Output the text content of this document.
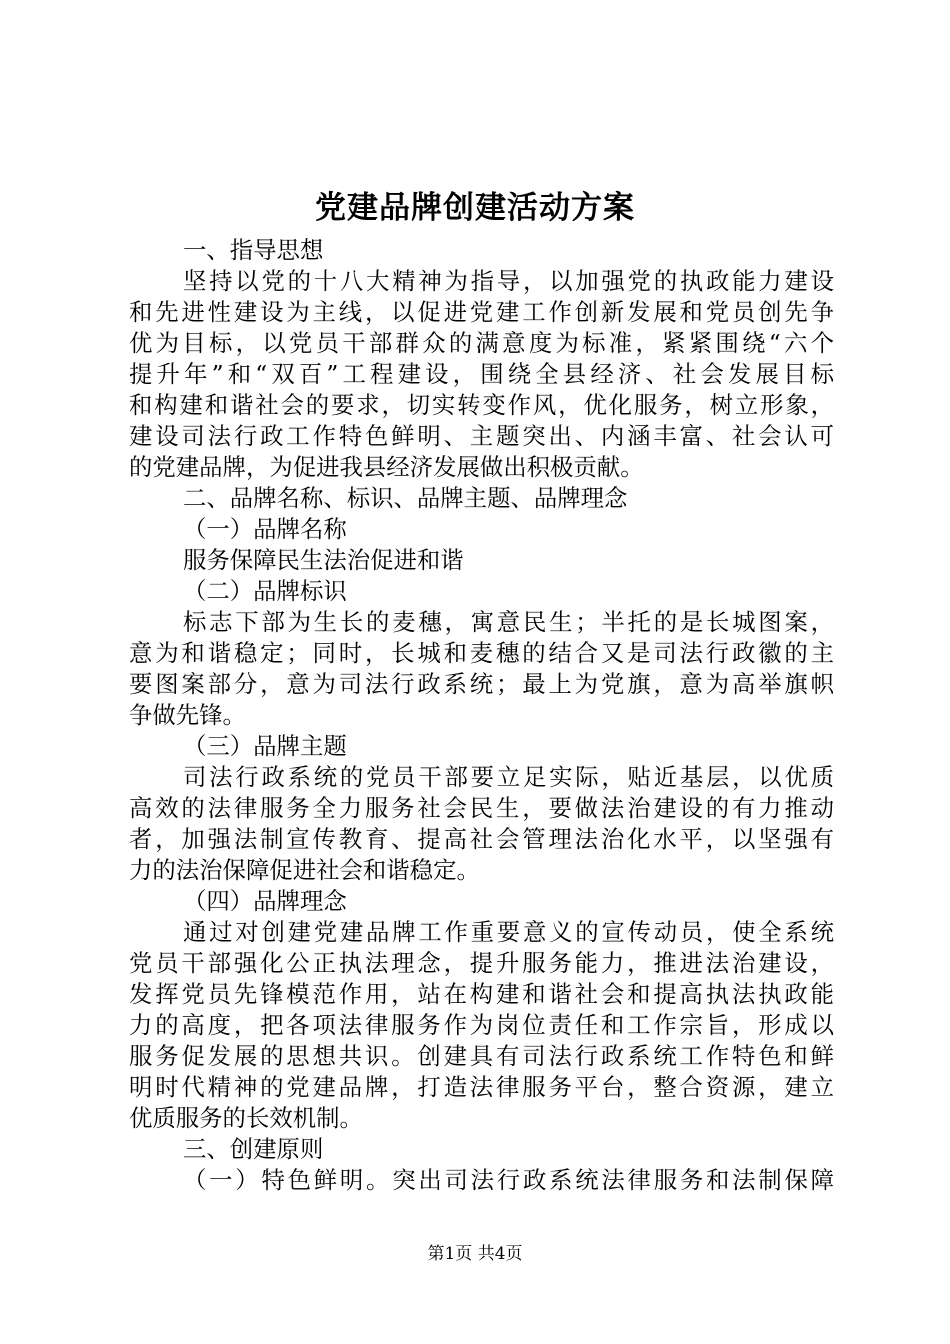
党建品牌创建活动方案
一、指导思想
坚持以党的十八大精神为指导，以加强党的执政能力建设
和先进性建设为主线，以促进党建工作创新发展和党员创先争
优为目标，以党员干部群众的满意度为标准，紧紧围绕“六个
提升年”和“双百”工程建设，围绕全县经济、社会发展目标
和构建和谐社会的要求，切实转变作风，优化服务，树立形象，
建设司法行政工作特色鲜明、主题突出、内涵丰富、社会认可
的党建品牌，为促进我县经济发展做出积极贡献。
二、品牌名称、标识、品牌主题、品牌理念
（一）品牌名称
服务保障民生法治促进和谐
（二）品牌标识
标志下部为生长的麦穗，寓意民生；半托的是长城图案，
意为和谐稳定；同时，长城和麦穗的结合又是司法行政徽的主
要图案部分，意为司法行政系统；最上为党旗，意为高举旗帜
争做先锋。
（三）品牌主题
司法行政系统的党员干部要立足实际，贴近基层，以优质
高效的法律服务全力服务社会民生，要做法治建设的有力推动
者，加强法制宣传教育、提高社会管理法治化水平，以坚强有
力的法治保障促进社会和谐稳定。
（四）品牌理念
通过对创建党建品牌工作重要意义的宣传动员，使全系统
党员干部强化公正执法理念，提升服务能力，推进法治建设，
发挥党员先锋模范作用，站在构建和谐社会和提高执法执政能
力的高度，把各项法律服务作为岗位责任和工作宗旨，形成以
服务促发展的思想共识。创建具有司法行政系统工作特色和鲜
明时代精神的党建品牌，打造法律服务平台，整合资源，建立
优质服务的长效机制。
三、创建原则
（一）特色鲜明。突出司法行政系统法律服务和法制保障
第1页 共4页
